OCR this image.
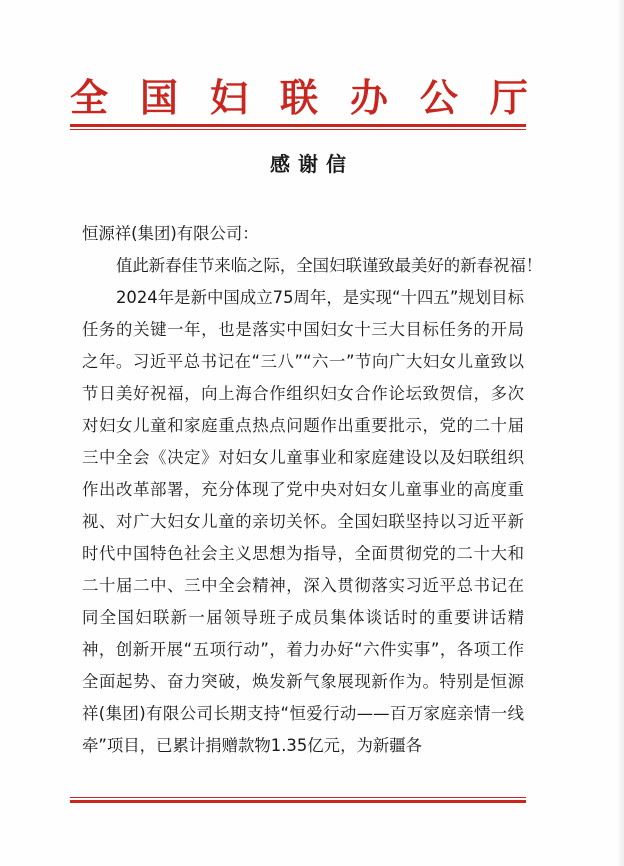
全 国 妇 联 办 公 厅
感谢信
恒源祥(集团)有限公司：

值此新春佳节来临之际，全国妇联谨致最美好的新春祝福！

2024年是新中国成立75周年，是实现“十四五”规划目标任务的关键一年，也是落实中国妇女十三大目标任务的开局之年。习近平总书记在“三八”“六一”节向广大妇女儿童致以节日美好祝福，向上海合作组织妇女合作论坛致贺信，多次对妇女儿童和家庭重点热点问题作出重要批示，党的二十届三中全会《决定》对妇女儿童事业和家庭建设以及妇联组织作出改革部署，充分体现了党中央对妇女儿童事业的高度重视、对广大妇女儿童的亲切关怀。全国妇联坚持以习近平新时代中国特色社会主义思想为指导，全面贯彻党的二十大和二十届二中、三中全会精神，深入贯彻落实习近平总书记在同全国妇联新一届领导班子成员集体谈话时的重要讲话精神，创新开展“五项行动”，着力办好“六件实事”，各项工作全面起势、奋力突破，焕发新气象展现新作为。特别是恒源祥(集团)有限公司长期支持“恒爱行动——百万家庭亲情一线牵”项目，已累计捐赠款物1.35亿元，为新疆各
